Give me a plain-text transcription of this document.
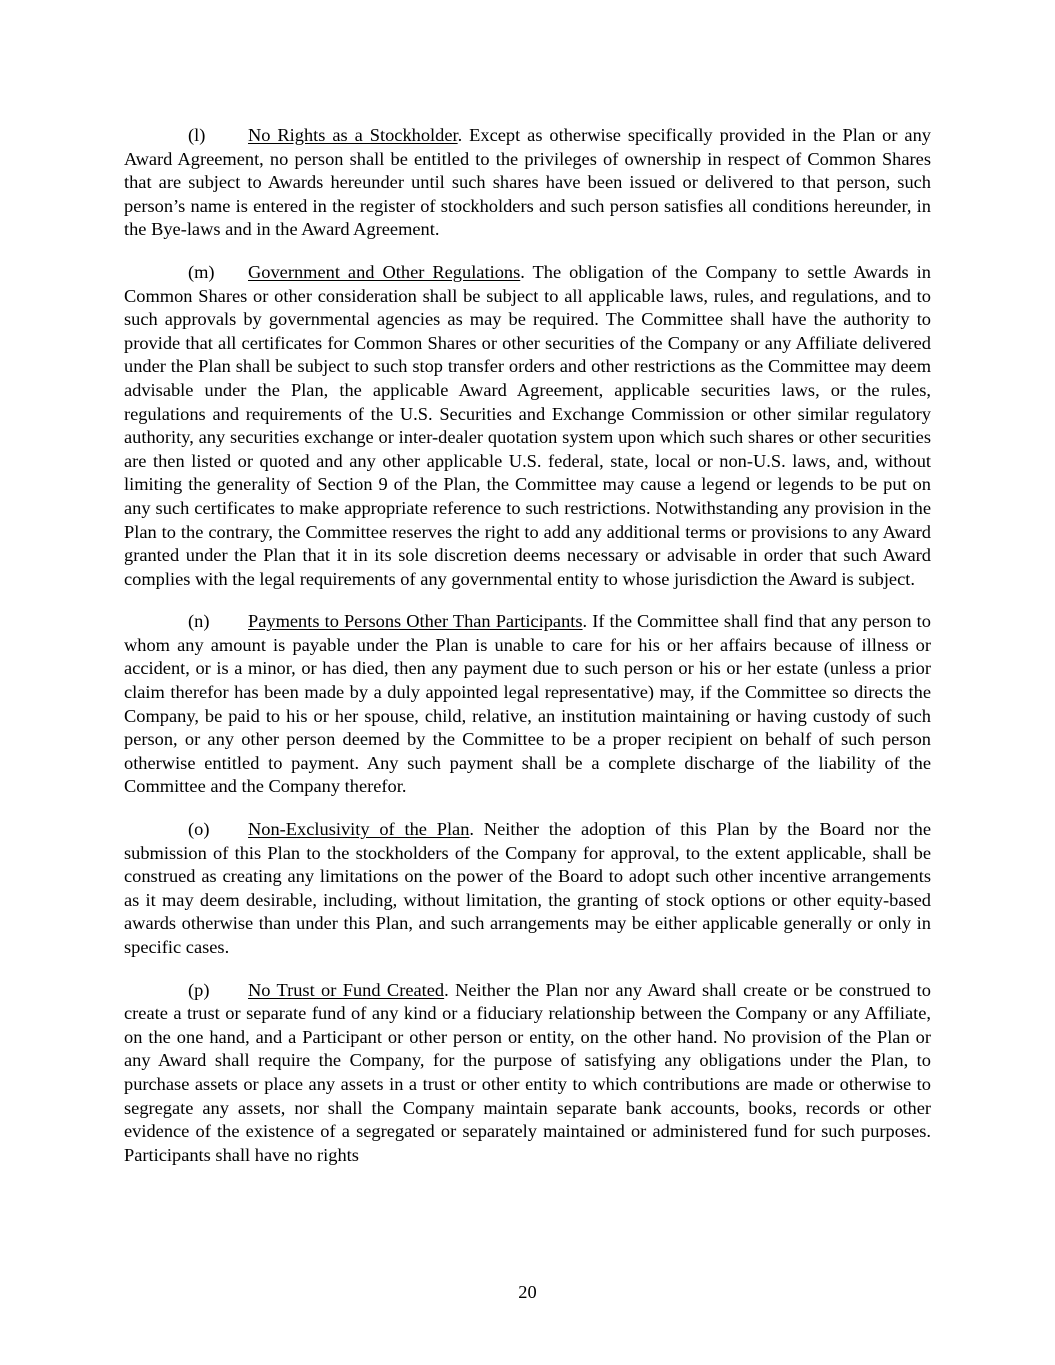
(l) No Rights as a Stockholder. Except as otherwise specifically provided in the Plan or any Award Agreement, no person shall be entitled to the privileges of ownership in respect of Common Shares that are subject to Awards hereunder until such shares have been issued or delivered to that person, such person’s name is entered in the register of stockholders and such person satisfies all conditions hereunder, in the Bye-laws and in the Award Agreement.

(m) Government and Other Regulations. The obligation of the Company to settle Awards in Common Shares or other consideration shall be subject to all applicable laws, rules, and regulations, and to such approvals by governmental agencies as may be required. The Committee shall have the authority to provide that all certificates for Common Shares or other securities of the Company or any Affiliate delivered under the Plan shall be subject to such stop transfer orders and other restrictions as the Committee may deem advisable under the Plan, the applicable Award Agreement, applicable securities laws, or the rules, regulations and requirements of the U.S. Securities and Exchange Commission or other similar regulatory authority, any securities exchange or inter-dealer quotation system upon which such shares or other securities are then listed or quoted and any other applicable U.S. federal, state, local or non-U.S. laws, and, without limiting the generality of Section 9 of the Plan, the Committee may cause a legend or legends to be put on any such certificates to make appropriate reference to such restrictions. Notwithstanding any provision in the Plan to the contrary, the Committee reserves the right to add any additional terms or provisions to any Award granted under the Plan that it in its sole discretion deems necessary or advisable in order that such Award complies with the legal requirements of any governmental entity to whose jurisdiction the Award is subject.

(n) Payments to Persons Other Than Participants. If the Committee shall find that any person to whom any amount is payable under the Plan is unable to care for his or her affairs because of illness or accident, or is a minor, or has died, then any payment due to such person or his or her estate (unless a prior claim therefor has been made by a duly appointed legal representative) may, if the Committee so directs the Company, be paid to his or her spouse, child, relative, an institution maintaining or having custody of such person, or any other person deemed by the Committee to be a proper recipient on behalf of such person otherwise entitled to payment. Any such payment shall be a complete discharge of the liability of the Committee and the Company therefor.

(o) Non-Exclusivity of the Plan. Neither the adoption of this Plan by the Board nor the submission of this Plan to the stockholders of the Company for approval, to the extent applicable, shall be construed as creating any limitations on the power of the Board to adopt such other incentive arrangements as it may deem desirable, including, without limitation, the granting of stock options or other equity-based awards otherwise than under this Plan, and such arrangements may be either applicable generally or only in specific cases.

(p) No Trust or Fund Created. Neither the Plan nor any Award shall create or be construed to create a trust or separate fund of any kind or a fiduciary relationship between the Company or any Affiliate, on the one hand, and a Participant or other person or entity, on the other hand. No provision of the Plan or any Award shall require the Company, for the purpose of satisfying any obligations under the Plan, to purchase assets or place any assets in a trust or other entity to which contributions are made or otherwise to segregate any assets, nor shall the Company maintain separate bank accounts, books, records or other evidence of the existence of a segregated or separately maintained or administered fund for such purposes. Participants shall have no rights

20
